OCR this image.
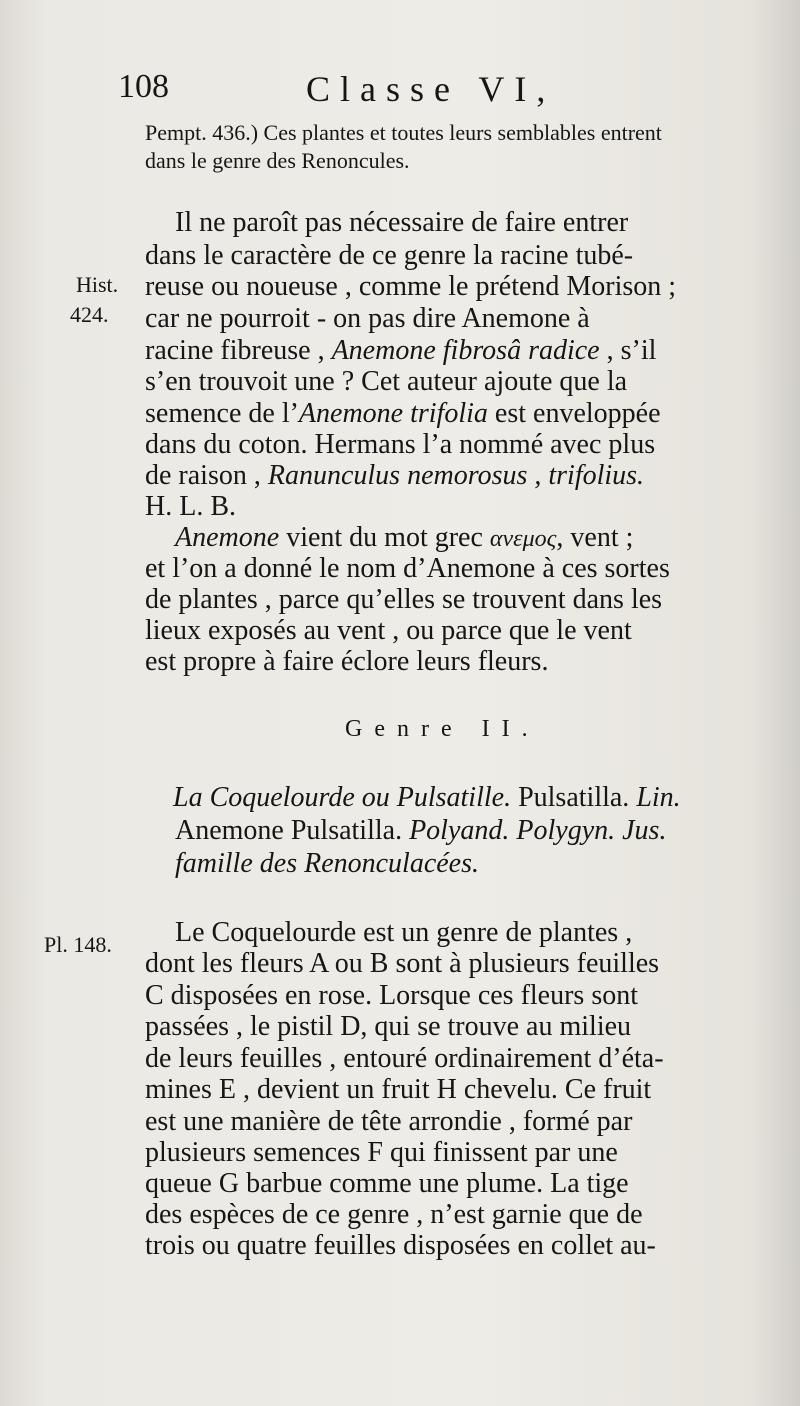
108	Classe VI,
Hist.
424.
Pl. 148.
Pempt. 436.) Ces plantes et toutes leurs semblables entrent
dans le genre des Renoncules.
Il ne paroît pas nécessaire de faire entrer
dans le caractère de ce genre la racine tubé-
reuse ou noueuse , comme le prétend Morison ;
car ne pourroit - on pas dire Anemone à
racine fibreuse , Anemone fibrosâ radice , s’il
s’en trouvoit une ? Cet auteur ajoute que la
semence de l’Anemone trifolia est enveloppée
dans du coton. Hermans l’a nommé avec plus
de raison , Ranunculus nemorosus , trifolius.
H. L. B.
Anemone vient du mot grec ανεμος, vent ;
et l’on a donné le nom d’Anemone à ces sortes
de plantes , parce qu’elles se trouvent dans les
lieux exposés au vent , ou parce que le vent
est propre à faire éclore leurs fleurs.
Genre II.
La Coquelourde ou Pulsatille. Pulsatilla. Lin.
Anemone Pulsatilla. Polyand. Polygyn. Jus.
famille des Renonculacées.
Le Coquelourde est un genre de plantes ,
dont les fleurs A ou B sont à plusieurs feuilles
C disposées en rose. Lorsque ces fleurs sont
passées , le pistil D, qui se trouve au milieu
de leurs feuilles , entouré ordinairement d’éta-
mines E , devient un fruit H chevelu. Ce fruit
est une manière de tête arrondie , formé par
plusieurs semences F qui finissent par une
queue G barbue comme une plume. La tige
des espèces de ce genre , n’est garnie que de
trois ou quatre feuilles disposées en collet au-
